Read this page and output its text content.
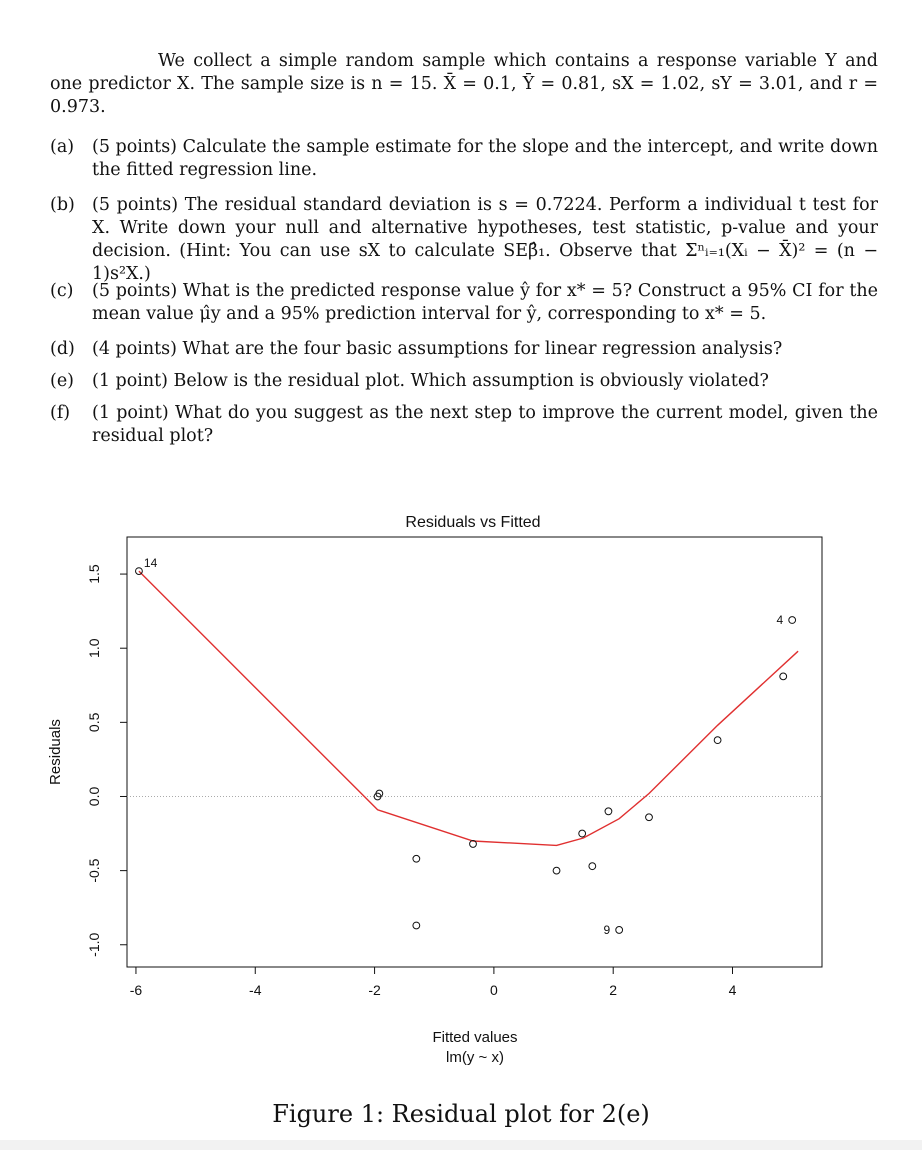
We collect a simple random sample which contains a response variable Y and one predictor X. The sample size is n = 15. X̄ = 0.1, Ȳ = 0.81, sX = 1.02, sY = 3.01, and r = 0.973.
(a)	(5 points) Calculate the sample estimate for the slope and the intercept, and write down the fitted regression line.
(b) (5 points) The residual standard deviation is s = 0.7224. Perform a individual t test for X. Write down your null and alternative hypotheses, test statistic, p-value and your decision. (Hint: You can use sX to calculate SEβ̂₁. Observe that Σⁿᵢ₌₁(Xᵢ − X̄)² = (n − 1)s²X.)
(c)	(5 points) What is the predicted response value ŷ for x* = 5? Construct a 95% CI for the mean value μ̂y and a 95% prediction interval for ŷ, corresponding to x* = 5.
(d) (4 points) What are the four basic assumptions for linear regression analysis?
(e)	(1 point) Below is the residual plot. Which assumption is obviously violated?
(f)	(1 point) What do you suggest as the next step to improve the current model, given the residual plot?
Residuals vs Fitted
14
9
4
-6	-4	-2	0	2	4
-1.0
-0.5
0.0
0.5
1.0
1.5
Fitted values
lm(y ~ x)
Residuals
Figure 1: Residual plot for 2(e)
